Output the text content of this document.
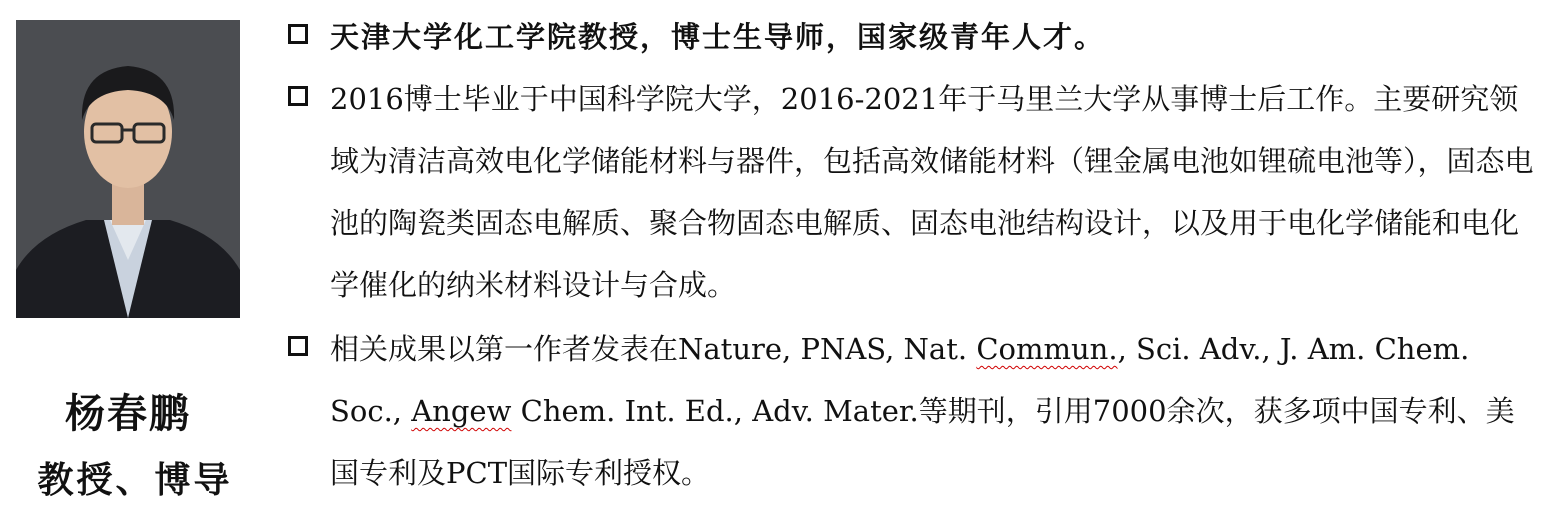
杨春鹏
教授、博导
天津大学化工学院教授，博士生导师，国家级青年人才。
2016博士毕业于中国科学院大学，2016-2021年于马里兰大学从事博士后工作。主要研究领域为清洁高效电化学储能材料与器件，包括高效储能材料（锂金属电池如锂硫电池等），固态电池的陶瓷类固态电解质、聚合物固态电解质、固态电池结构设计，以及用于电化学储能和电化学催化的纳米材料设计与合成。
相关成果以第一作者发表在Nature, PNAS, Nat. Commun., Sci. Adv., J. Am. Chem. Soc., Angew Chem. Int. Ed., Adv. Mater.等期刊，引用7000余次，获多项中国专利、美国专利及PCT国际专利授权。
